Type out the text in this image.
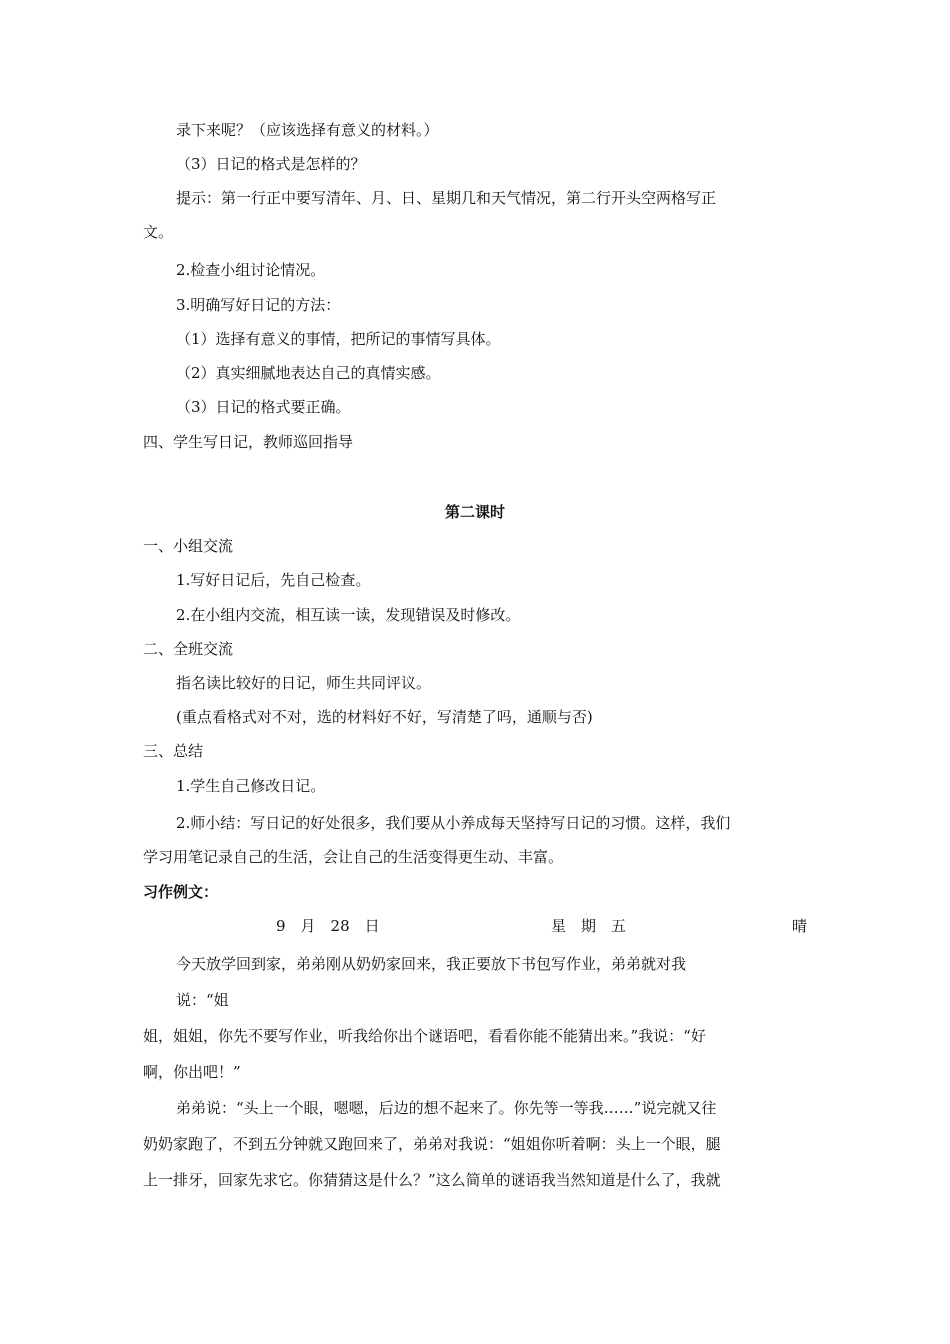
录下来呢？（应该选择有意义的材料。）
（3）日记的格式是怎样的？
提示：第一行正中要写清年、月、日、星期几和天气情况，第二行开头空两格写正
文。
2.检查小组讨论情况。
3.明确写好日记的方法：
（1）选择有意义的事情，把所记的事情写具体。
（2）真实细腻地表达自己的真情实感。
（3）日记的格式要正确。
四、学生写日记，教师巡回指导
第二课时
一、小组交流
1.写好日记后，先自己检查。
2.在小组内交流，相互读一读，发现错误及时修改。
二、全班交流
指名读比较好的日记，师生共同评议。
(重点看格式对不对，选的材料好不好，写清楚了吗，通顺与否)
三、总结
1.学生自己修改日记。
2.师小结：写日记的好处很多，我们要从小养成每天坚持写日记的习惯。这样，我们
学习用笔记录自己的生活，会让自己的生活变得更生动、丰富。
习作例文：
9　月　28　日	星　期　五	晴
今天放学回到家，弟弟刚从奶奶家回来，我正要放下书包写作业，弟弟就对我
说：“姐
姐，姐姐，你先不要写作业，听我给你出个谜语吧，看看你能不能猜出来。”我说：“好
啊，你出吧！”
弟弟说：“头上一个眼，嗯嗯，后边的想不起来了。你先等一等我……”说完就又往
奶奶家跑了，不到五分钟就又跑回来了，弟弟对我说：“姐姐你听着啊：头上一个眼，腿
上一排牙，回家先求它。你猜猜这是什么？”这么简单的谜语我当然知道是什么了，我就
